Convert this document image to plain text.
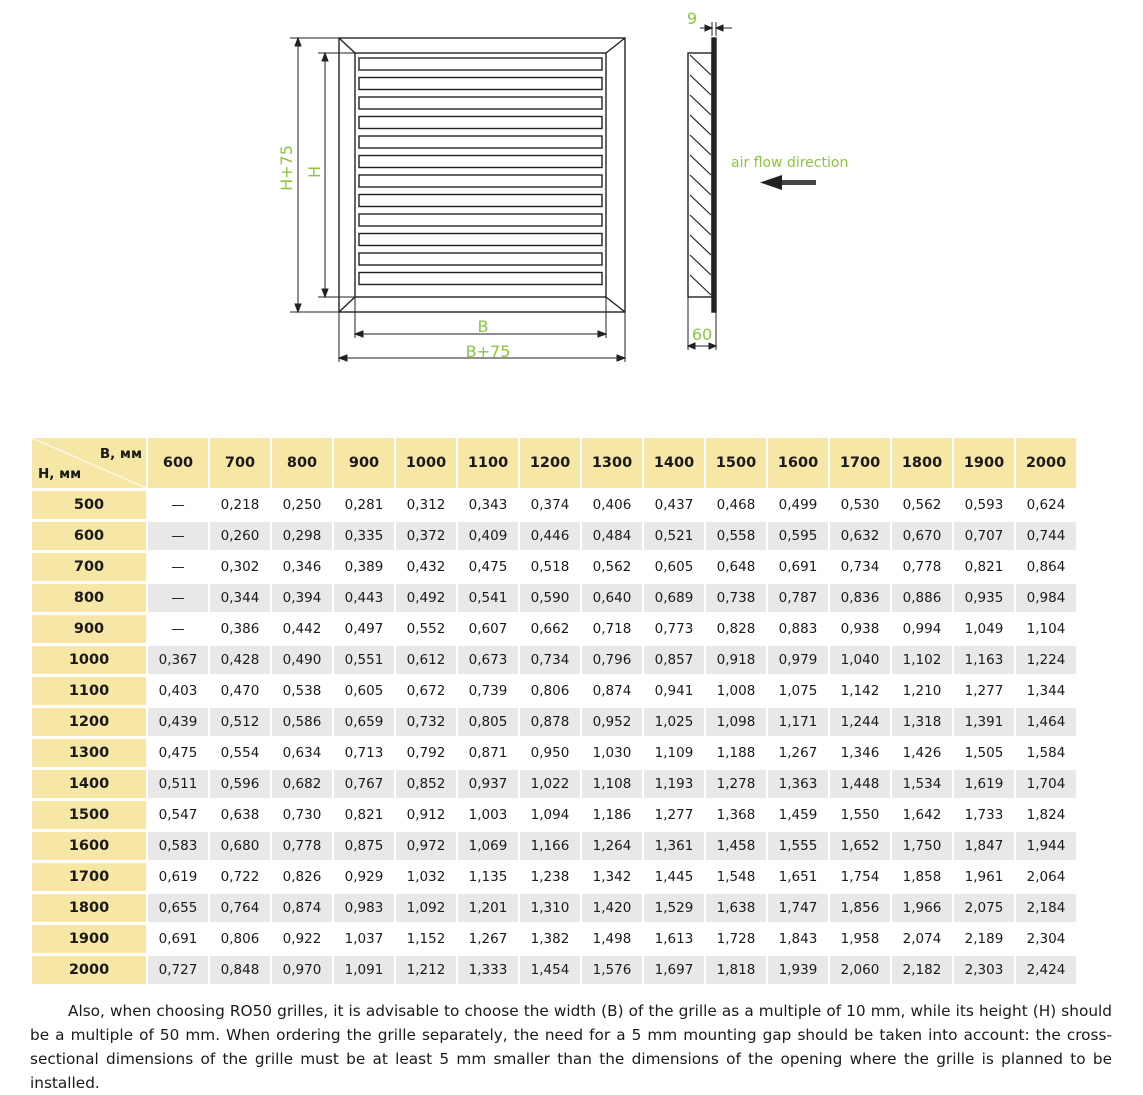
B
B+75
H+75 H
9
60
air flow direction
B, мм
H, мм	600	700	800	900	1000	1100	1200	1300	1400	1500	1600	1700	1800	1900	2000
500	—	0,218	0,250	0,281	0,312	0,343	0,374	0,406	0,437	0,468	0,499	0,530	0,562	0,593	0,624
600	—	0,260	0,298	0,335	0,372	0,409	0,446	0,484	0,521	0,558	0,595	0,632	0,670	0,707	0,744
700	—	0,302	0,346	0,389	0,432	0,475	0,518	0,562	0,605	0,648	0,691	0,734	0,778	0,821	0,864
800	—	0,344	0,394	0,443	0,492	0,541	0,590	0,640	0,689	0,738	0,787	0,836	0,886	0,935	0,984
900	—	0,386	0,442	0,497	0,552	0,607	0,662	0,718	0,773	0,828	0,883	0,938	0,994	1,049	1,104
1000	0,367	0,428	0,490	0,551	0,612	0,673	0,734	0,796	0,857	0,918	0,979	1,040	1,102	1,163	1,224
1100	0,403	0,470	0,538	0,605	0,672	0,739	0,806	0,874	0,941	1,008	1,075	1,142	1,210	1,277	1,344
1200	0,439	0,512	0,586	0,659	0,732	0,805	0,878	0,952	1,025	1,098	1,171	1,244	1,318	1,391	1,464
1300	0,475	0,554	0,634	0,713	0,792	0,871	0,950	1,030	1,109	1,188	1,267	1,346	1,426	1,505	1,584
1400	0,511	0,596	0,682	0,767	0,852	0,937	1,022	1,108	1,193	1,278	1,363	1,448	1,534	1,619	1,704
1500	0,547	0,638	0,730	0,821	0,912	1,003	1,094	1,186	1,277	1,368	1,459	1,550	1,642	1,733	1,824
1600	0,583	0,680	0,778	0,875	0,972	1,069	1,166	1,264	1,361	1,458	1,555	1,652	1,750	1,847	1,944
1700	0,619	0,722	0,826	0,929	1,032	1,135	1,238	1,342	1,445	1,548	1,651	1,754	1,858	1,961	2,064
1800	0,655	0,764	0,874	0,983	1,092	1,201	1,310	1,420	1,529	1,638	1,747	1,856	1,966	2,075	2,184
1900	0,691	0,806	0,922	1,037	1,152	1,267	1,382	1,498	1,613	1,728	1,843	1,958	2,074	2,189	2,304
2000	0,727	0,848	0,970	1,091	1,212	1,333	1,454	1,576	1,697	1,818	1,939	2,060	2,182	2,303	2,424

Also, when choosing RO50 grilles, it is advisable to choose the width (B) of the grille as a multiple of 10 mm, while its height (H) should be a multiple of 50 mm. When ordering the grille separately, the need for a 5 mm mounting gap should be taken into account: the cross-sectional dimensions of the grille must be at least 5 mm smaller than the dimensions of the opening where the grille is planned to be installed.
